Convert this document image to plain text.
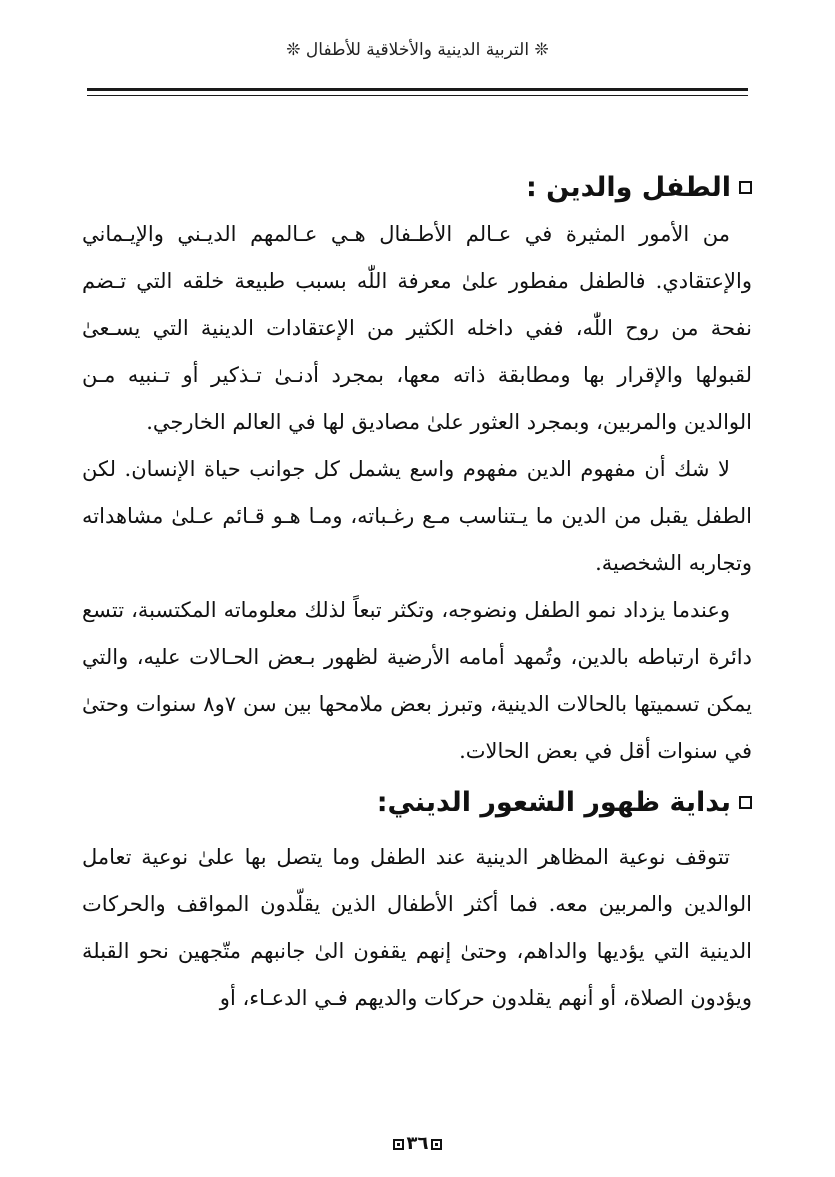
❊ التربية الدينية والأخلاقية للأطفال ❊
الطفل والدين :

من الأمور المثيرة في عـالم الأطـفال هـي عـالمهم الديـني والإيـماني والإعتقادي. فالطفل مفطور علىٰ معرفة اللّٰه بسبب طبيعة خلقه التي تـضم نفحة من روح اللّٰه، ففي داخله الكثير من الإعتقادات الدينية التي يسـعىٰ لقبولها والإقرار بها ومطابقة ذاته معها، بمجرد أدنـىٰ تـذكير أو تـنبيه مـن الوالدين والمربين، وبمجرد العثور علىٰ مصاديق لها في العالم الخارجي.

لا شك أن مفهوم الدين مفهوم واسع يشمل كل جوانب حياة الإنسان. لكن الطفل يقبل من الدين ما يـتناسب مـع رغـباته، ومـا هـو قـائم عـلىٰ مشاهداته وتجاربه الشخصية.

وعندما يزداد نمو الطفل ونضوجه، وتكثر تبعاً لذلك معلوماته المكتسبة، تتسع دائرة ارتباطه بالدين، وتُمهد أمامه الأرضية لظهور بـعض الحـالات عليه، والتي يمكن تسميتها بالحالات الدينية، وتبرز بعض ملامحها بين سن ٧و٨ سنوات وحتىٰ في سنوات أقل في بعض الحالات.

بداية ظهور الشعور الديني:

تتوقف نوعية المظاهر الدينية عند الطفل وما يتصل بها علىٰ نوعية تعامل الوالدين والمربين معه. فما أكثر الأطفال الذين يقلّدون المواقف والحركات الدينية التي يؤديها والداهم، وحتىٰ إنهم يقفون الىٰ جانبهم متّجهين نحو القبلة ويؤدون الصلاة، أو أنهم يقلدون حركات والديهم فـي الدعـاء، أو

٣٦
